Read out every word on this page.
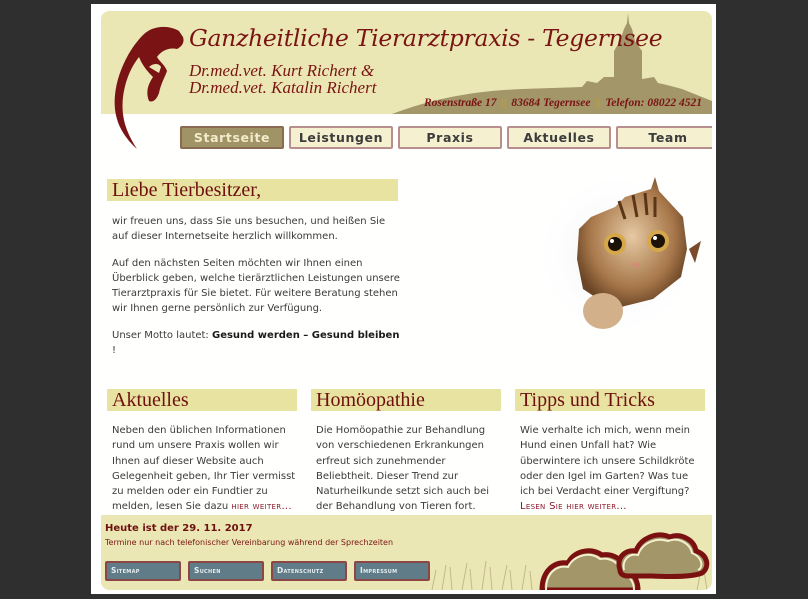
Ganzheitliche Tierarztpraxis - Tegernsee
Dr.med.vet. Kurt Richert &
Dr.med.vet. Katalin Richert
Rosenstraße 17 || 83684 Tegernsee || Telefon: 08022 4521
Startseite	Leistungen	Praxis	Aktuelles	Team
Liebe Tierbesitzer,

wir freuen uns, dass Sie uns besuchen, und heißen Sie auf dieser Internetseite herzlich willkommen.

Auf den nächsten Seiten möchten wir Ihnen einen Überblick geben, welche tierärztlichen Leistungen unsere Tierarztpraxis für Sie bietet. Für weitere Beratung stehen wir Ihnen gerne persönlich zur Verfügung.

Unser Motto lautet: Gesund werden – Gesund bleiben !

Aktuelles
Neben den üblichen Informationen rund um unsere Praxis wollen wir Ihnen auf dieser Website auch Gelegenheit geben, Ihr Tier vermisst zu melden oder ein Fundtier zu melden, lesen Sie dazu hier weiter...
Homöopathie
Die Homöopathie zur Behandlung von verschiedenen Erkrankungen erfreut sich zunehmender Beliebtheit. Dieser Trend zur Naturheilkunde setzt sich auch bei der Behandlung von Tieren fort.
Tipps und Tricks
Wie verhalte ich mich, wenn mein Hund einen Unfall hat? Wie überwintere ich unsere Schildkröte oder den Igel im Garten? Was tue ich bei Verdacht einer Vergiftung? Lesen Sie hier weiter...
Heute ist der 29. 11. 2017
Termine nur nach telefonischer Vereinbarung während der Sprechzeiten
Sitemap	Suchen	Datenschutz	Impressum
